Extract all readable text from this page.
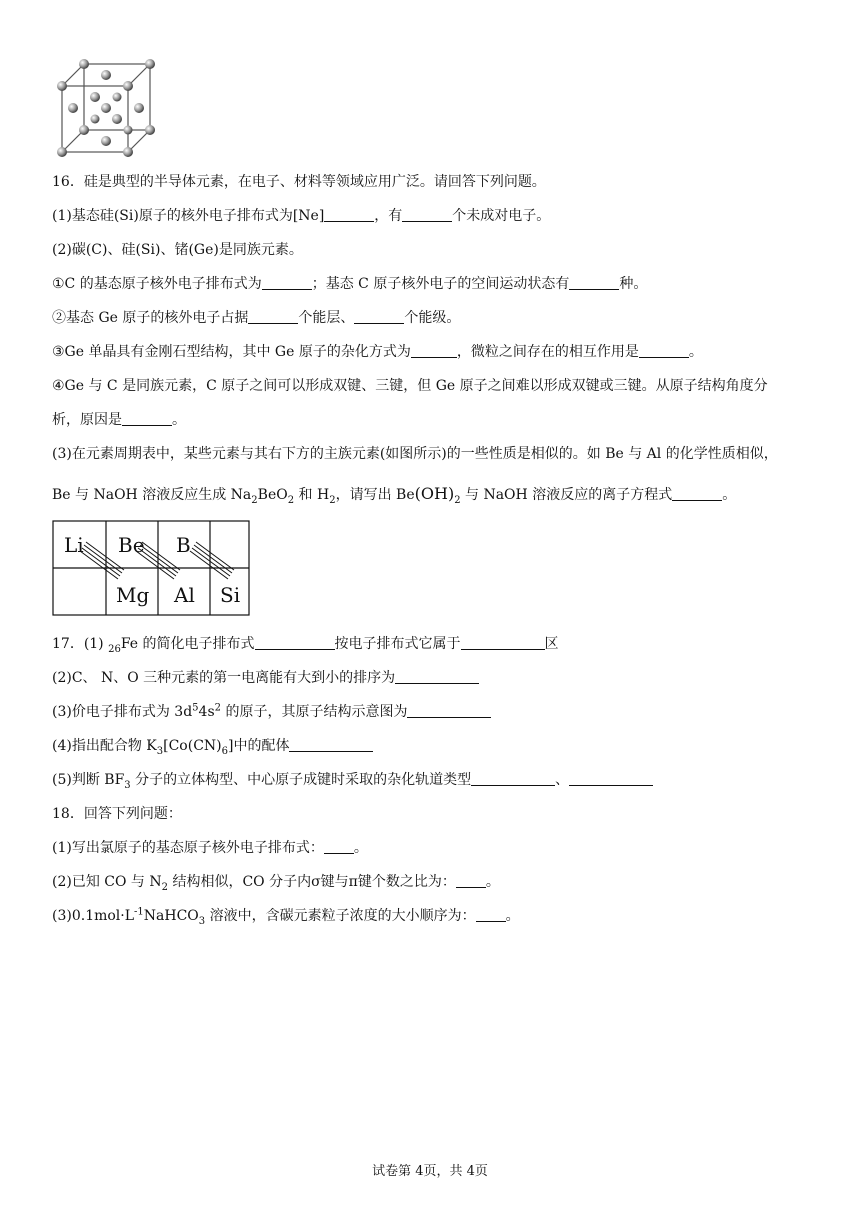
16．硅是典型的半导体元素，在电子、材料等领域应用广泛。请回答下列问题。
(1)基态硅(Si)原子的核外电子排布式为[Ne]	，有	个未成对电子。
(2)碳(C)、硅(Si)、锗(Ge)是同族元素。
①C 的基态原子核外电子排布式为	；基态 C 原子核外电子的空间运动状态有	种。
②基态 Ge 原子的核外电子占据	个能层、	个能级。
③Ge 单晶具有金刚石型结构，其中 Ge 原子的杂化方式为	，微粒之间存在的相互作用是	。
④Ge 与 C 是同族元素，C 原子之间可以形成双键、三键，但 Ge 原子之间难以形成双键或三键。从原子结构角度分
析，原因是	。
(3)在元素周期表中，某些元素与其右下方的主族元素(如图所示)的一些性质是相似的。如 Be 与 Al 的化学性质相似，
Be 与 NaOH 溶液反应生成 $Na_2BeO_2$ 和 $H_2$，请写出 $Be(OH)_2$ 与 NaOH 溶液反应的离子方程式	。
Li Be B
Mg Al Si
17．(1) $_{26}$Fe 的简化电子排布式	按电子排布式它属于	区
(2)C、 N、O 三种元素的第一电离能有大到小的排序为
(3)价电子排布式为 $3d^54s^2$ 的原子，其原子结构示意图为
(4)指出配合物 $K_3[Co(CN)_6]$中的配体
(5)判断 $BF_3$ 分子的立体构型、中心原子成键时采取的杂化轨道类型	、
18．回答下列问题：
(1)写出氯原子的基态原子核外电子排布式： 。
(2)已知 CO 与 $N_2$ 结构相似，CO 分子内σ键与π键个数之比为： 。
$(3)0.1mol\cdot L^{-1}NaHCO_3$ 溶液中，含碳元素粒子浓度的大小顺序为： 。
试卷第 4页，共 4页
